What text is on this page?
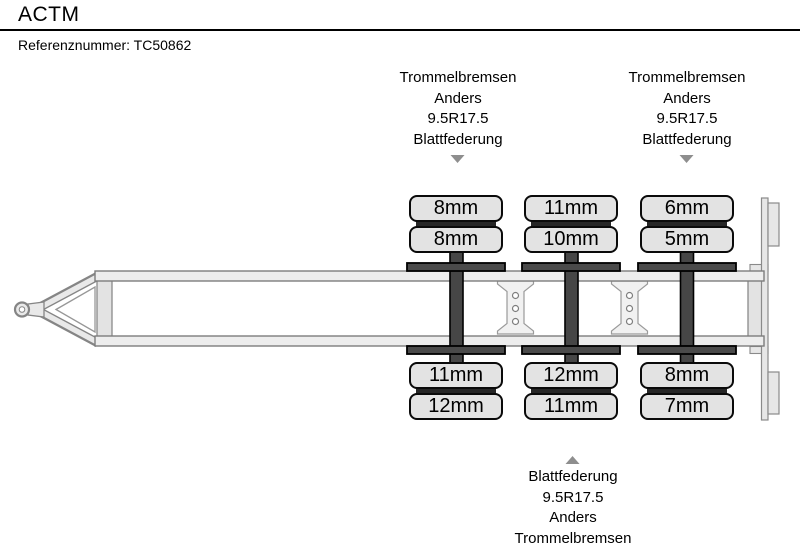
ACTM
Referenznummer: TC50862
Trommelbremsen
Anders
9.5R17.5
Blattfederung
Trommelbremsen
Anders
9.5R17.5
Blattfederung
Blattfederung
9.5R17.5
Anders
Trommelbremsen
8mm
8mm
11mm
12mm
11mm
10mm
12mm
11mm
6mm
5mm
8mm
7mm
